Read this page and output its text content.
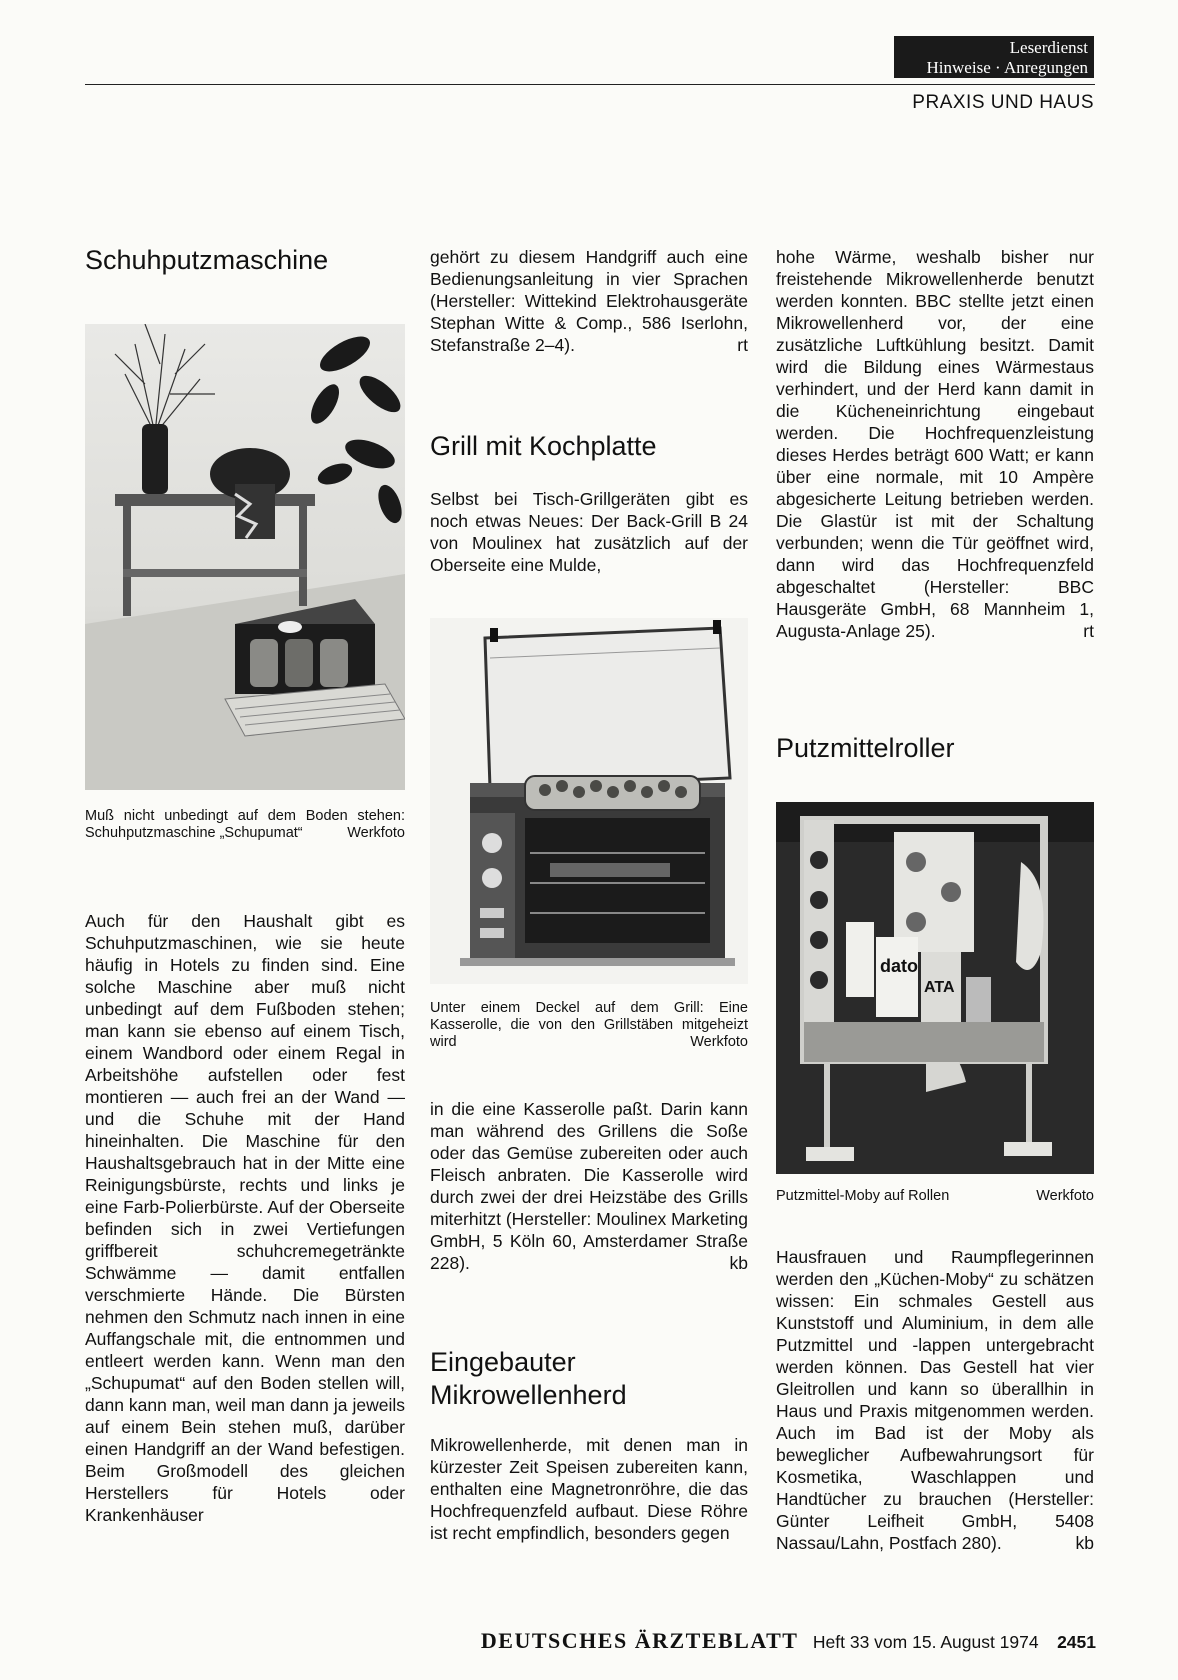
Leserdienst
Hinweise · Anregungen
PRAXIS UND HAUS
Schuhputzmaschine
Muß nicht unbedingt auf dem Boden stehen: Schuhputzmaschine „Schupumat“	Werkfoto

Auch für den Haushalt gibt es Schuhputzmaschinen, wie sie heute häufig in Hotels zu finden sind. Eine solche Maschine aber muß nicht unbedingt auf dem Fußboden stehen; man kann sie ebenso auf einem Tisch, einem Wandbord oder einem Regal in Arbeitshöhe aufstellen oder fest montieren — auch frei an der Wand — und die Schuhe mit der Hand hineinhalten. Die Maschine für den Haushaltsgebrauch hat in der Mitte eine Reinigungsbürste, rechts und links je eine Farb-Polierbürste. Auf der Oberseite befinden sich in zwei Vertiefungen griffbereit schuhcremegetränkte Schwämme — damit entfallen verschmierte Hände. Die Bürsten nehmen den Schmutz nach innen in eine Auffangschale mit, die entnommen und entleert werden kann. Wenn man den „Schupumat“ auf den Boden stellen will, dann kann man, weil man dann ja jeweils auf einem Bein stehen muß, darüber einen Handgriff an der Wand befestigen. Beim Großmodell des gleichen Herstellers für Hotels oder Krankenhäuser

gehört zu diesem Handgriff auch eine Bedienungsanleitung in vier Sprachen (Hersteller: Wittekind Elektrohausgeräte Stephan Witte & Comp., 586 Iserlohn, Stefanstraße 2–4).	rt

Grill mit Kochplatte

Selbst bei Tisch-Grillgeräten gibt es noch etwas Neues: Der Back-Grill B 24 von Moulinex hat zusätzlich auf der Oberseite eine Mulde,

Unter einem Deckel auf dem Grill: Eine Kasserolle, die von den Grillstäben mitgeheizt wird	Werkfoto

in die eine Kasserolle paßt. Darin kann man während des Grillens die Soße oder das Gemüse zubereiten oder auch Fleisch anbraten. Die Kasserolle wird durch zwei der drei Heizstäbe des Grills miterhitzt (Hersteller: Moulinex Marketing GmbH, 5 Köln 60, Amsterdamer Straße 228).	kb

Eingebauter
Mikrowellenherd

Mikrowellenherde, mit denen man in kürzester Zeit Speisen zubereiten kann, enthalten eine Magnetronröhre, die das Hochfrequenzfeld aufbaut. Diese Röhre ist recht empfindlich, besonders gegen

hohe Wärme, weshalb bisher nur freistehende Mikrowellenherde benutzt werden konnten. BBC stellte jetzt einen Mikrowellenherd vor, der eine zusätzliche Luftkühlung besitzt. Damit wird die Bildung eines Wärmestaus verhindert, und der Herd kann damit in die Kücheneinrichtung eingebaut werden. Die Hochfrequenzleistung dieses Herdes beträgt 600 Watt; er kann über eine normale, mit 10 Ampère abgesicherte Leitung betrieben werden. Die Glastür ist mit der Schaltung verbunden; wenn die Tür geöffnet wird, dann wird das Hochfrequenzfeld abgeschaltet (Hersteller: BBC Hausgeräte GmbH, 68 Mannheim 1, Augusta-Anlage 25).	rt

Putzmittelroller
dato
ATA
Putzmittel-Moby auf Rollen	Werkfoto

Hausfrauen und Raumpflegerinnen werden den „Küchen-Moby“ zu schätzen wissen: Ein schmales Gestell aus Kunststoff und Aluminium, in dem alle Putzmittel und -lappen untergebracht werden können. Das Gestell hat vier Gleitrollen und kann so überallhin in Haus und Praxis mitgenommen werden. Auch im Bad ist der Moby als beweglicher Aufbewahrungsort für Kosmetika, Waschlappen und Handtücher zu brauchen (Hersteller: Günter Leifheit GmbH, 5408 Nassau/Lahn, Postfach 280).	kb

DEUTSCHES ÄRZTEBLATT Heft 33 vom 15. August 1974 2451
